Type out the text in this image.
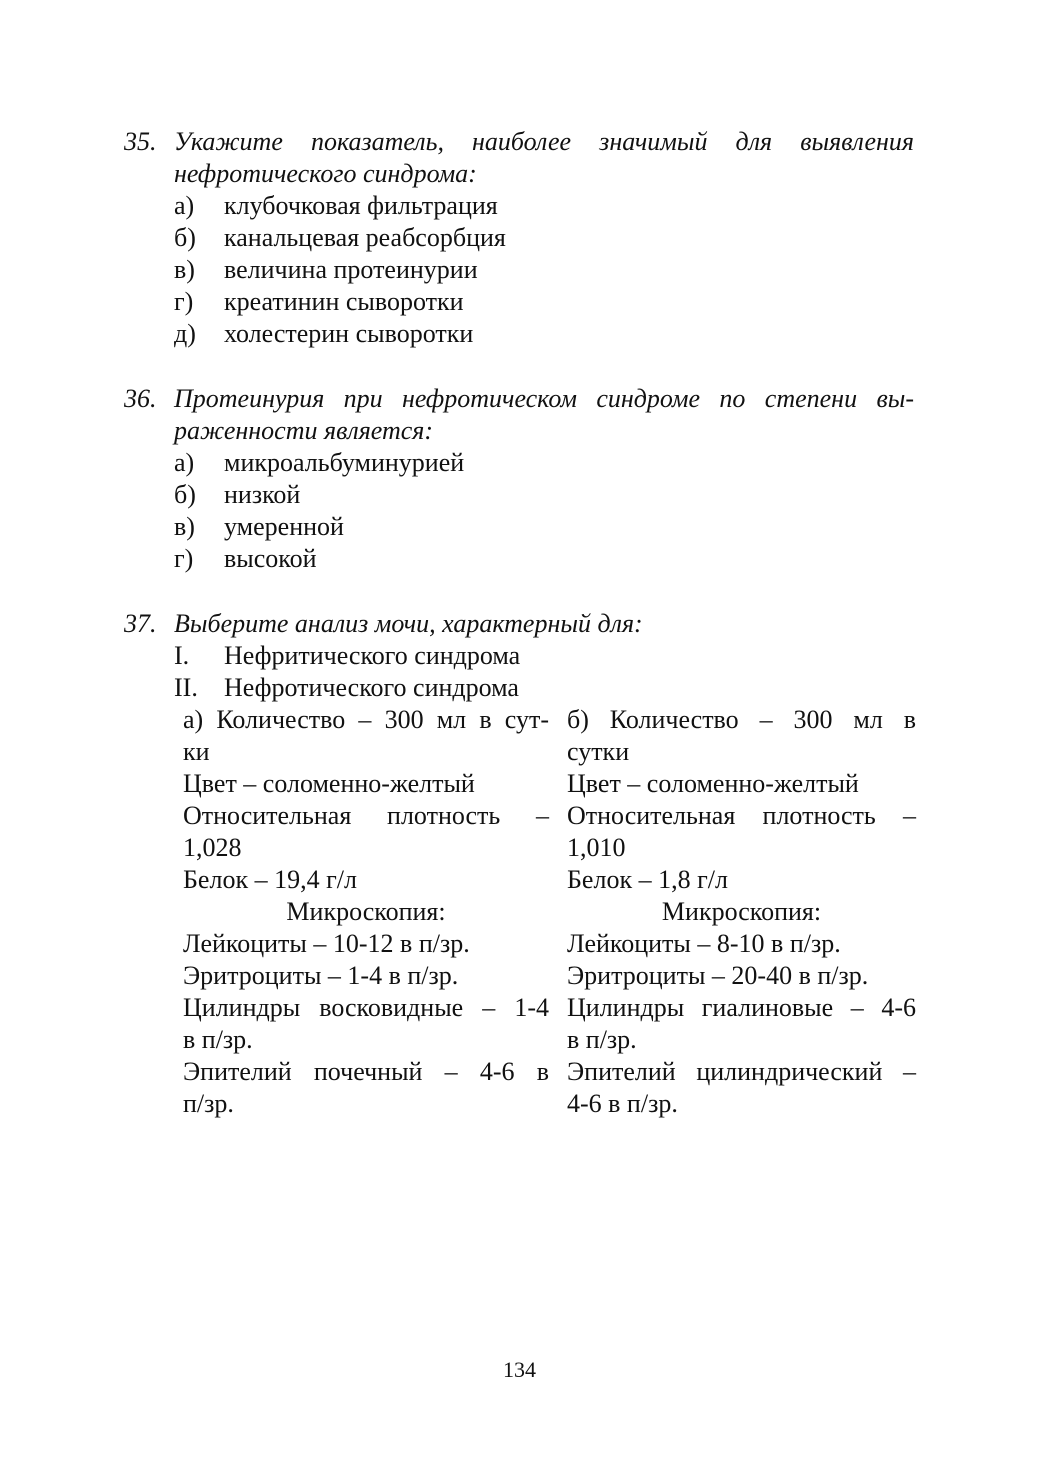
35. Укажите показатель, наиболее значимый для выявления
нефротического синдрома:
а) клубочковая фильтрация
б) канальцевая реабсорбция
в) величина протеинурии
г) креатинин сыворотки
д) холестерин сыворотки
36. Протеинурия при нефротическом синдроме по степени вы-
раженности является:
а) микроальбуминурией
б) низкой
в) умеренной
г) высокой
37. Выберите анализ мочи, характерный для:
I. Нефритического синдрома
II. Нефротического синдрома
а) Количество – 300 мл в сут-
ки
Цвет – соломенно-желтый
Относительная плотность –
1,028
Белок – 19,4 г/л
Микроскопия:
Лейкоциты – 10-12 в п/зр.
Эритроциты – 1-4 в п/зр.
Цилиндры восковидные – 1-4
в п/зр.
Эпителий почечный – 4-6 в
п/зр.
б) Количество – 300 мл в
сутки
Цвет – соломенно-желтый
Относительная плотность –
1,010
Белок – 1,8 г/л
Микроскопия:
Лейкоциты – 8-10 в п/зр.
Эритроциты – 20-40 в п/зр.
Цилиндры гиалиновые – 4-6
в п/зр.
Эпителий цилиндрический –
4-6 в п/зр.
134
